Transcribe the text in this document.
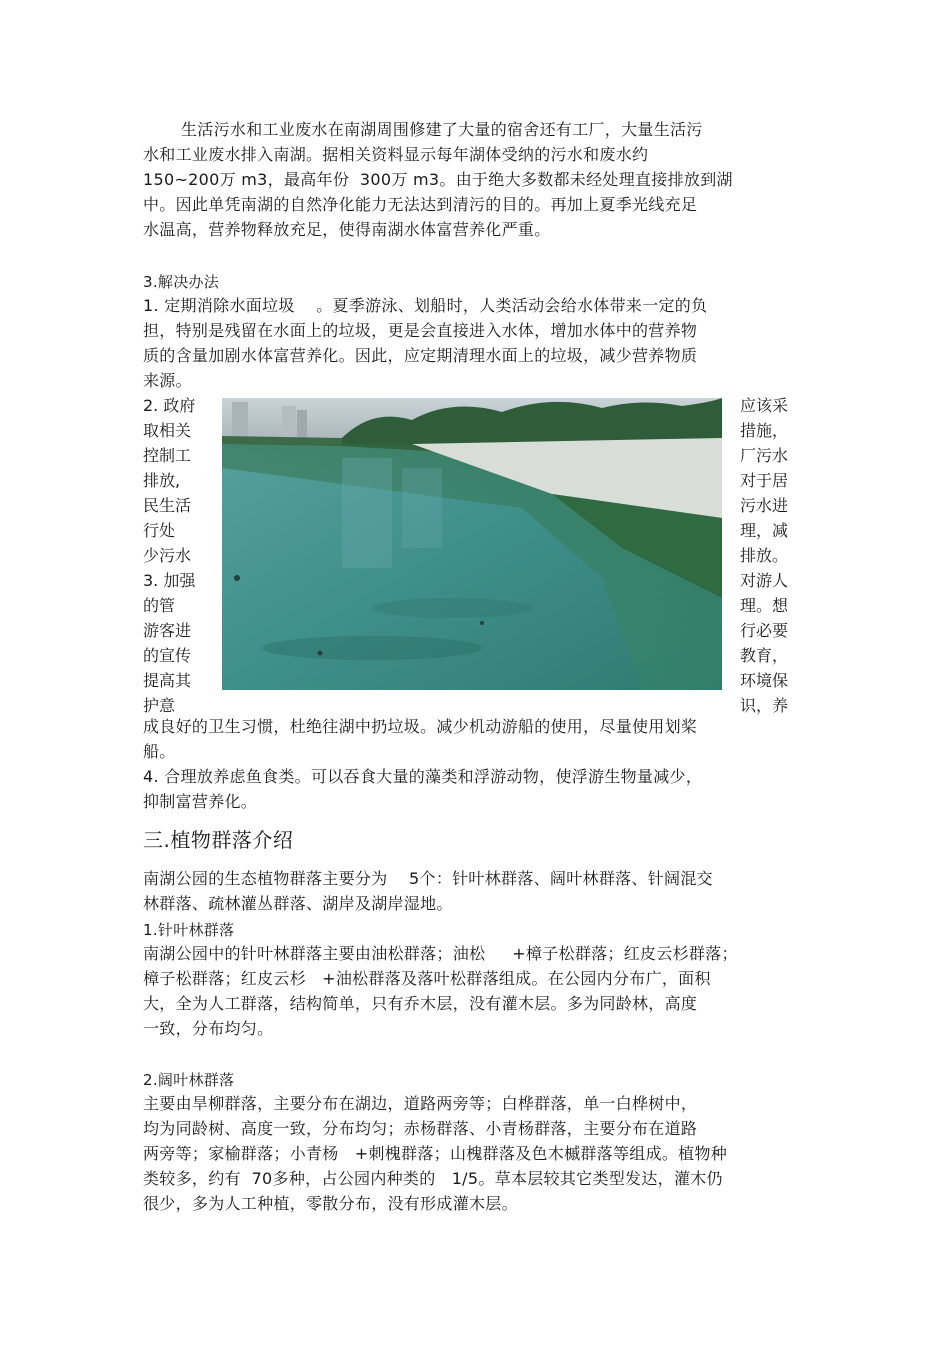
生活污水和工业废水在南湖周围修建了大量的宿舍还有工厂，大量生活污
水和工业废水排入南湖。据相关资料显示每年湖体受纳的污水和废水约
150~200万 m3，最高年份  300万 m3。由于绝大多数都未经处理直接排放到湖
中。因此单凭南湖的自然净化能力无法达到清污的目的。再加上夏季光线充足
水温高，营养物释放充足，使得南湖水体富营养化严重。
3.解决办法
1. 定期消除水面垃圾    。夏季游泳、划船时，人类活动会给水体带来一定的负
担，特别是残留在水面上的垃圾，更是会直接进入水体，增加水体中的营养物
质的含量加剧水体富营养化。因此，应定期清理水面上的垃圾，减少营养物质
来源。
2. 政府
取相关
控制工
排放,
民生活
行处
少污水
3. 加强
的管
游客进
的宣传
提高其
护意
应该采
措施，
厂污水
对于居
污水进
理，减
排放。
对游人
理。想
行必要
教育，
环境保
识，养
成良好的卫生习惯，杜绝往湖中扔垃圾。减少机动游船的使用，尽量使用划桨
船。
4. 合理放养虑鱼食类。可以吞食大量的藻类和浮游动物，使浮游生物量减少，
抑制富营养化。
三.植物群落介绍
南湖公园的生态植物群落主要分为    5个：针叶林群落、阔叶林群落、针阔混交
林群落、疏林灌丛群落、湖岸及湖岸湿地。
1.针叶林群落
南湖公园中的针叶林群落主要由油松群落；油松     +樟子松群落；红皮云杉群落；
樟子松群落；红皮云杉   +油松群落及落叶松群落组成。在公园内分布广，面积
大，全为人工群落，结构简单，只有乔木层，没有灌木层。多为同龄林，高度
一致，分布均匀。
2.阔叶林群落
主要由旱柳群落，主要分布在湖边，道路两旁等；白桦群落，单一白桦树中，
均为同龄树、高度一致，分布均匀；赤杨群落、小青杨群落，主要分布在道路
两旁等；家榆群落；小青杨   +刺槐群落；山槐群落及色木槭群落等组成。植物种
类较多，约有  70多种，占公园内种类的   1/5。草本层较其它类型发达，灌木仍
很少，多为人工种植，零散分布，没有形成灌木层。
